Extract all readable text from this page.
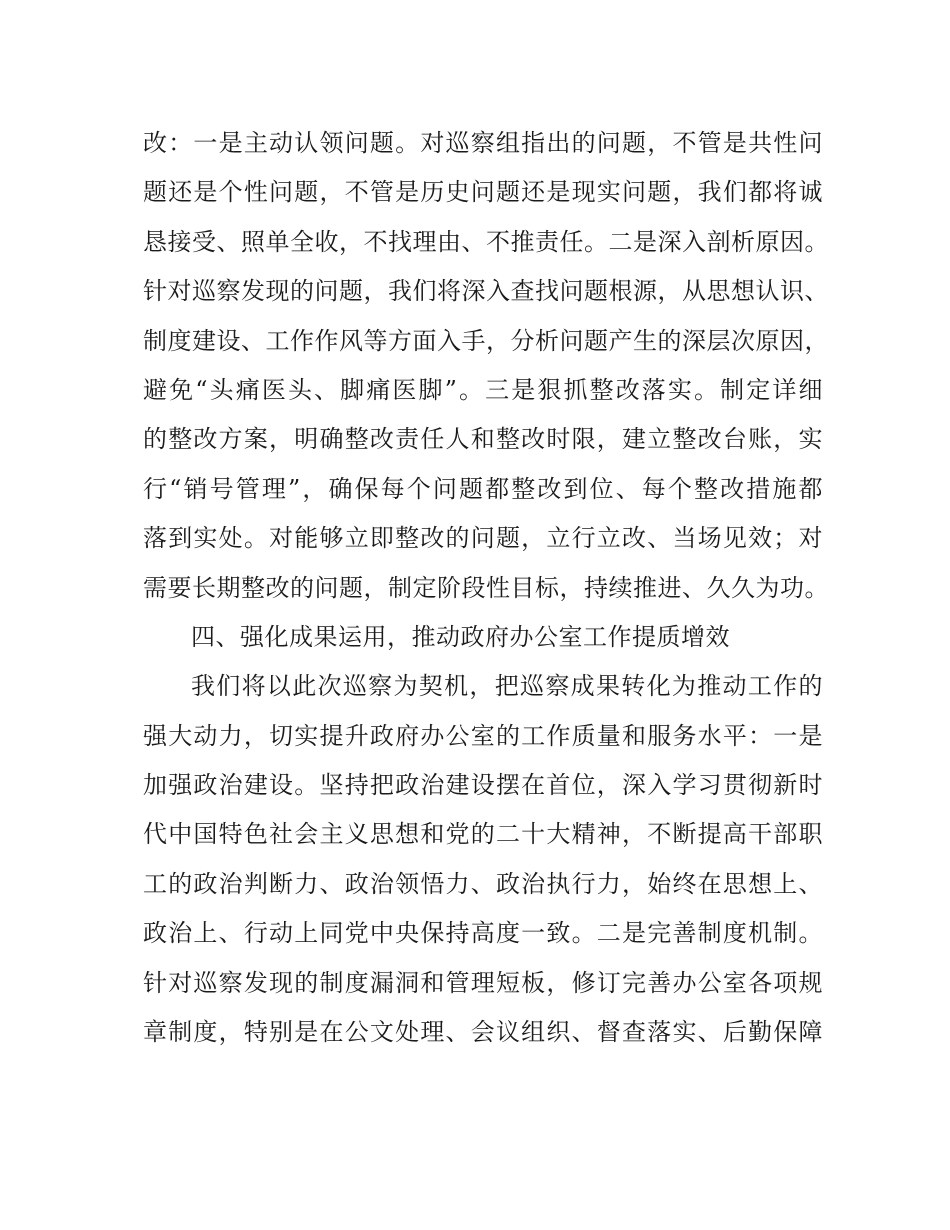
改：一是主动认领问题。对巡察组指出的问题，不管是共性问
题还是个性问题，不管是历史问题还是现实问题，我们都将诚
恳接受、照单全收，不找理由、不推责任。二是深入剖析原因。
针对巡察发现的问题，我们将深入查找问题根源，从思想认识、
制度建设、工作作风等方面入手，分析问题产生的深层次原因，
避免“头痛医头、脚痛医脚”。三是狠抓整改落实。制定详细
的整改方案，明确整改责任人和整改时限，建立整改台账，实
行“销号管理”，确保每个问题都整改到位、每个整改措施都
落到实处。对能够立即整改的问题，立行立改、当场见效；对
需要长期整改的问题，制定阶段性目标，持续推进、久久为功。
四、强化成果运用，推动政府办公室工作提质增效
我们将以此次巡察为契机，把巡察成果转化为推动工作的
强大动力，切实提升政府办公室的工作质量和服务水平：一是
加强政治建设。坚持把政治建设摆在首位，深入学习贯彻新时
代中国特色社会主义思想和党的二十大精神，不断提高干部职
工的政治判断力、政治领悟力、政治执行力，始终在思想上、
政治上、行动上同党中央保持高度一致。二是完善制度机制。
针对巡察发现的制度漏洞和管理短板，修订完善办公室各项规
章制度，特别是在公文处理、会议组织、督查落实、后勤保障
